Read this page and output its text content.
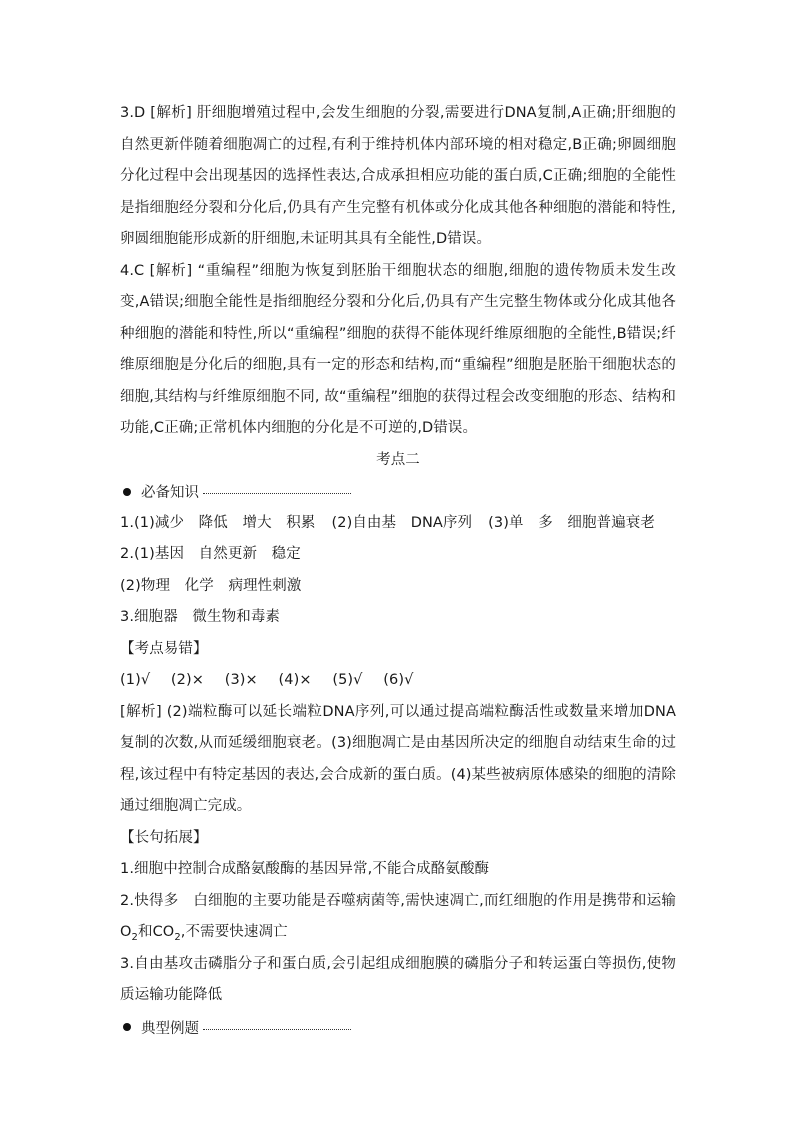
3.D [解析] 肝细胞增殖过程中,会发生细胞的分裂,需要进行DNA复制,A正确;肝细胞的自然更新伴随着细胞凋亡的过程,有利于维持机体内部环境的相对稳定,B正确;卵圆细胞分化过程中会出现基因的选择性表达,合成承担相应功能的蛋白质,C正确;细胞的全能性是指细胞经分裂和分化后,仍具有产生完整有机体或分化成其他各种细胞的潜能和特性,卵圆细胞能形成新的肝细胞,未证明其具有全能性,D错误。

4.C [解析] “重编程”细胞为恢复到胚胎干细胞状态的细胞,细胞的遗传物质未发生改变,A错误;细胞全能性是指细胞经分裂和分化后,仍具有产生完整生物体或分化成其他各种细胞的潜能和特性,所以“重编程”细胞的获得不能体现纤维原细胞的全能性,B错误;纤维原细胞是分化后的细胞,具有一定的形态和结构,而“重编程”细胞是胚胎干细胞状态的细胞,其结构与纤维原细胞不同, 故“重编程”细胞的获得过程会改变细胞的形态、结构和功能,C正确;正常机体内细胞的分化是不可逆的,D错误。

考点二

必备知识

1.(1)减少　降低　增大　积累 (2)自由基　DNA序列 (3)单　多　细胞普遍衰老

2.(1)基因　自然更新　稳定

(2)物理　化学　病理性刺激

3.细胞器　微生物和毒素

【考点易错】

(1)√ (2)× (3)× (4)× (5)√ (6)√

[解析] (2)端粒酶可以延长端粒DNA序列,可以通过提高端粒酶活性或数量来增加DNA复制的次数,从而延缓细胞衰老。(3)细胞凋亡是由基因所决定的细胞自动结束生命的过程,该过程中有特定基因的表达,会合成新的蛋白质。(4)某些被病原体感染的细胞的清除通过细胞凋亡完成。

【长句拓展】

1.细胞中控制合成酪氨酸酶的基因异常,不能合成酪氨酸酶

2.快得多　白细胞的主要功能是吞噬病菌等,需快速凋亡,而红细胞的作用是携带和运输$O_2$和$CO_2$,不需要快速凋亡

3.自由基攻击磷脂分子和蛋白质,会引起组成细胞膜的磷脂分子和转运蛋白等损伤,使物质运输功能降低

典型例题
